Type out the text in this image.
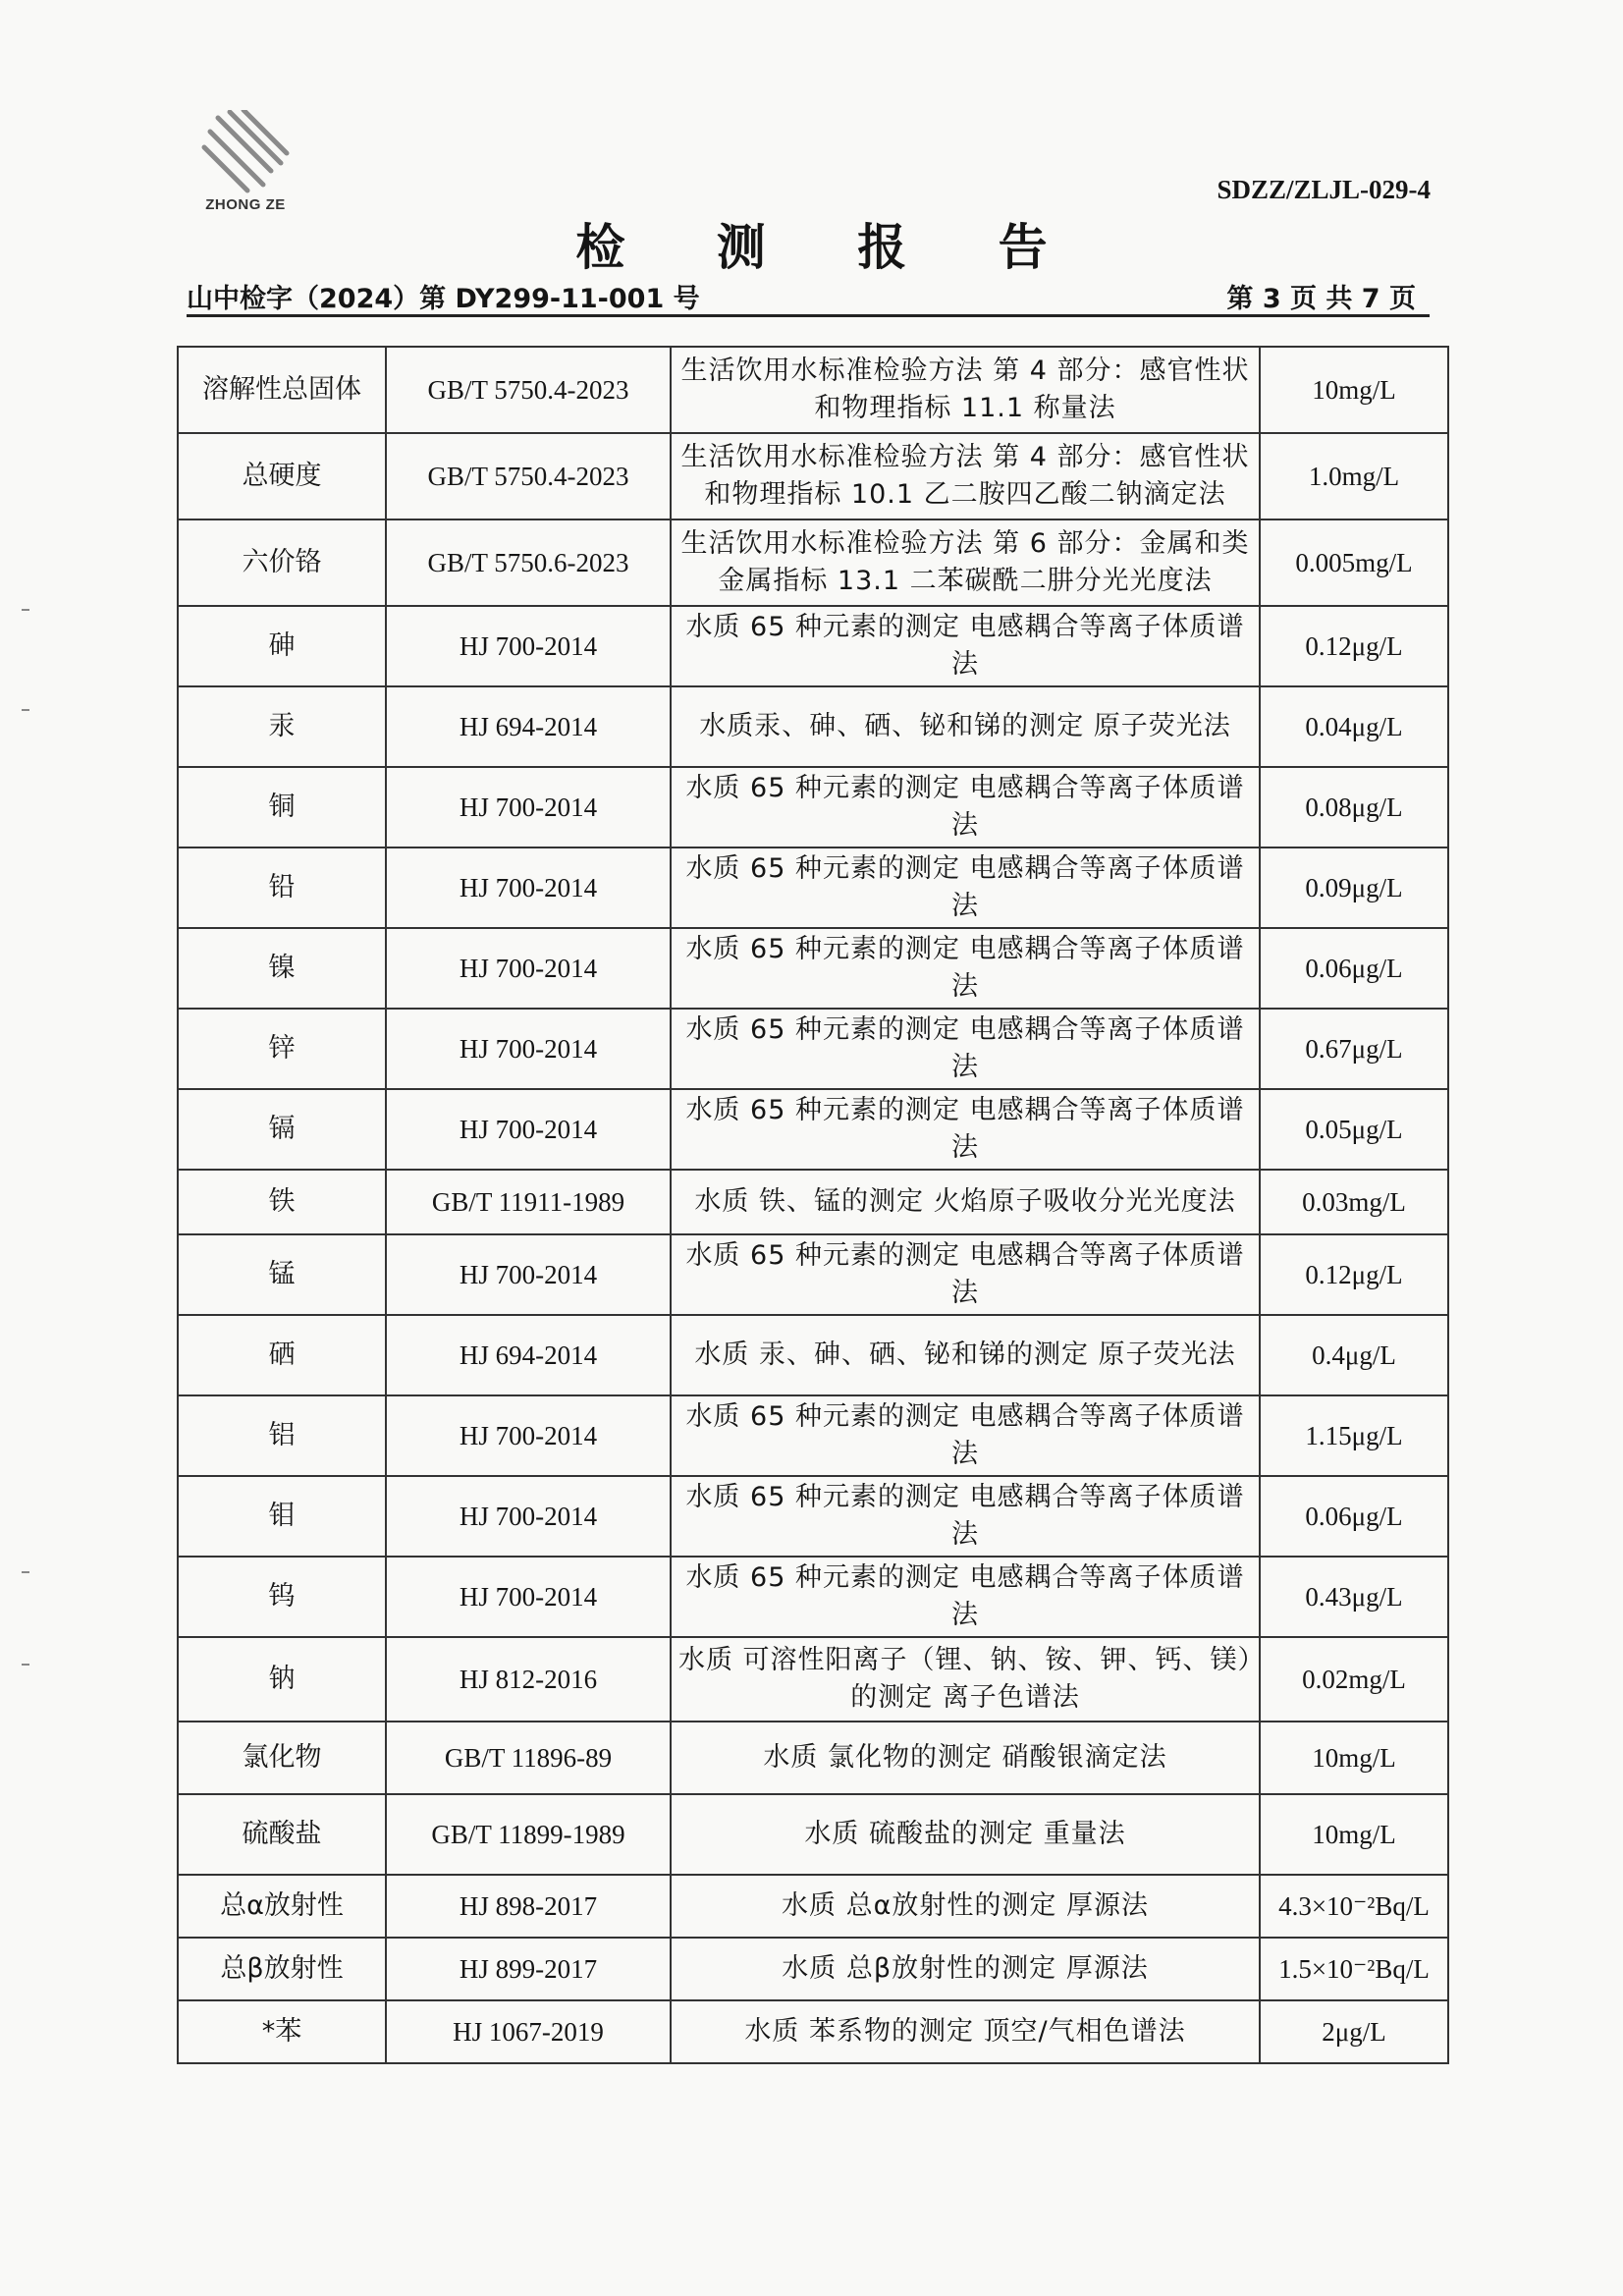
ZHONG ZE
SDZZ/ZLJL-029-4
检 测 报 告
山中检字（2024）第 DY299-11-001 号	第 3 页 共 7 页
溶解性总固体	GB/T 5750.4-2023	生活饮用水标准检验方法 第 4 部分：感官性状和物理指标 11.1 称量法	10mg/L
总硬度	GB/T 5750.4-2023	生活饮用水标准检验方法 第 4 部分：感官性状和物理指标 10.1 乙二胺四乙酸二钠滴定法	1.0mg/L
六价铬	GB/T 5750.6-2023	生活饮用水标准检验方法 第 6 部分：金属和类金属指标 13.1 二苯碳酰二肼分光光度法	0.005mg/L
砷	HJ 700-2014	水质 65 种元素的测定 电感耦合等离子体质谱法	0.12μg/L
汞	HJ 694-2014	水质汞、砷、硒、铋和锑的测定 原子荧光法	0.04μg/L
铜	HJ 700-2014	水质 65 种元素的测定 电感耦合等离子体质谱法	0.08μg/L
铅	HJ 700-2014	水质 65 种元素的测定 电感耦合等离子体质谱法	0.09μg/L
镍	HJ 700-2014	水质 65 种元素的测定 电感耦合等离子体质谱法	0.06μg/L
锌	HJ 700-2014	水质 65 种元素的测定 电感耦合等离子体质谱法	0.67μg/L
镉	HJ 700-2014	水质 65 种元素的测定 电感耦合等离子体质谱法	0.05μg/L
铁	GB/T 11911-1989	水质 铁、锰的测定 火焰原子吸收分光光度法	0.03mg/L
锰	HJ 700-2014	水质 65 种元素的测定 电感耦合等离子体质谱法	0.12μg/L
硒	HJ 694-2014	水质 汞、砷、硒、铋和锑的测定 原子荧光法	0.4μg/L
铝	HJ 700-2014	水质 65 种元素的测定 电感耦合等离子体质谱法	1.15μg/L
钼	HJ 700-2014	水质 65 种元素的测定 电感耦合等离子体质谱法	0.06μg/L
钨	HJ 700-2014	水质 65 种元素的测定 电感耦合等离子体质谱法	0.43μg/L
钠	HJ 812-2016	水质 可溶性阳离子（锂、钠、铵、钾、钙、镁）的测定 离子色谱法	0.02mg/L
氯化物	GB/T 11896-89	水质 氯化物的测定 硝酸银滴定法	10mg/L
硫酸盐	GB/T 11899-1989	水质 硫酸盐的测定 重量法	10mg/L
总α放射性	HJ 898-2017	水质 总α放射性的测定 厚源法	4.3×10⁻²Bq/L
总β放射性	HJ 899-2017	水质 总β放射性的测定 厚源法	1.5×10⁻²Bq/L
*苯	HJ 1067-2019	水质 苯系物的测定 顶空/气相色谱法	2μg/L
